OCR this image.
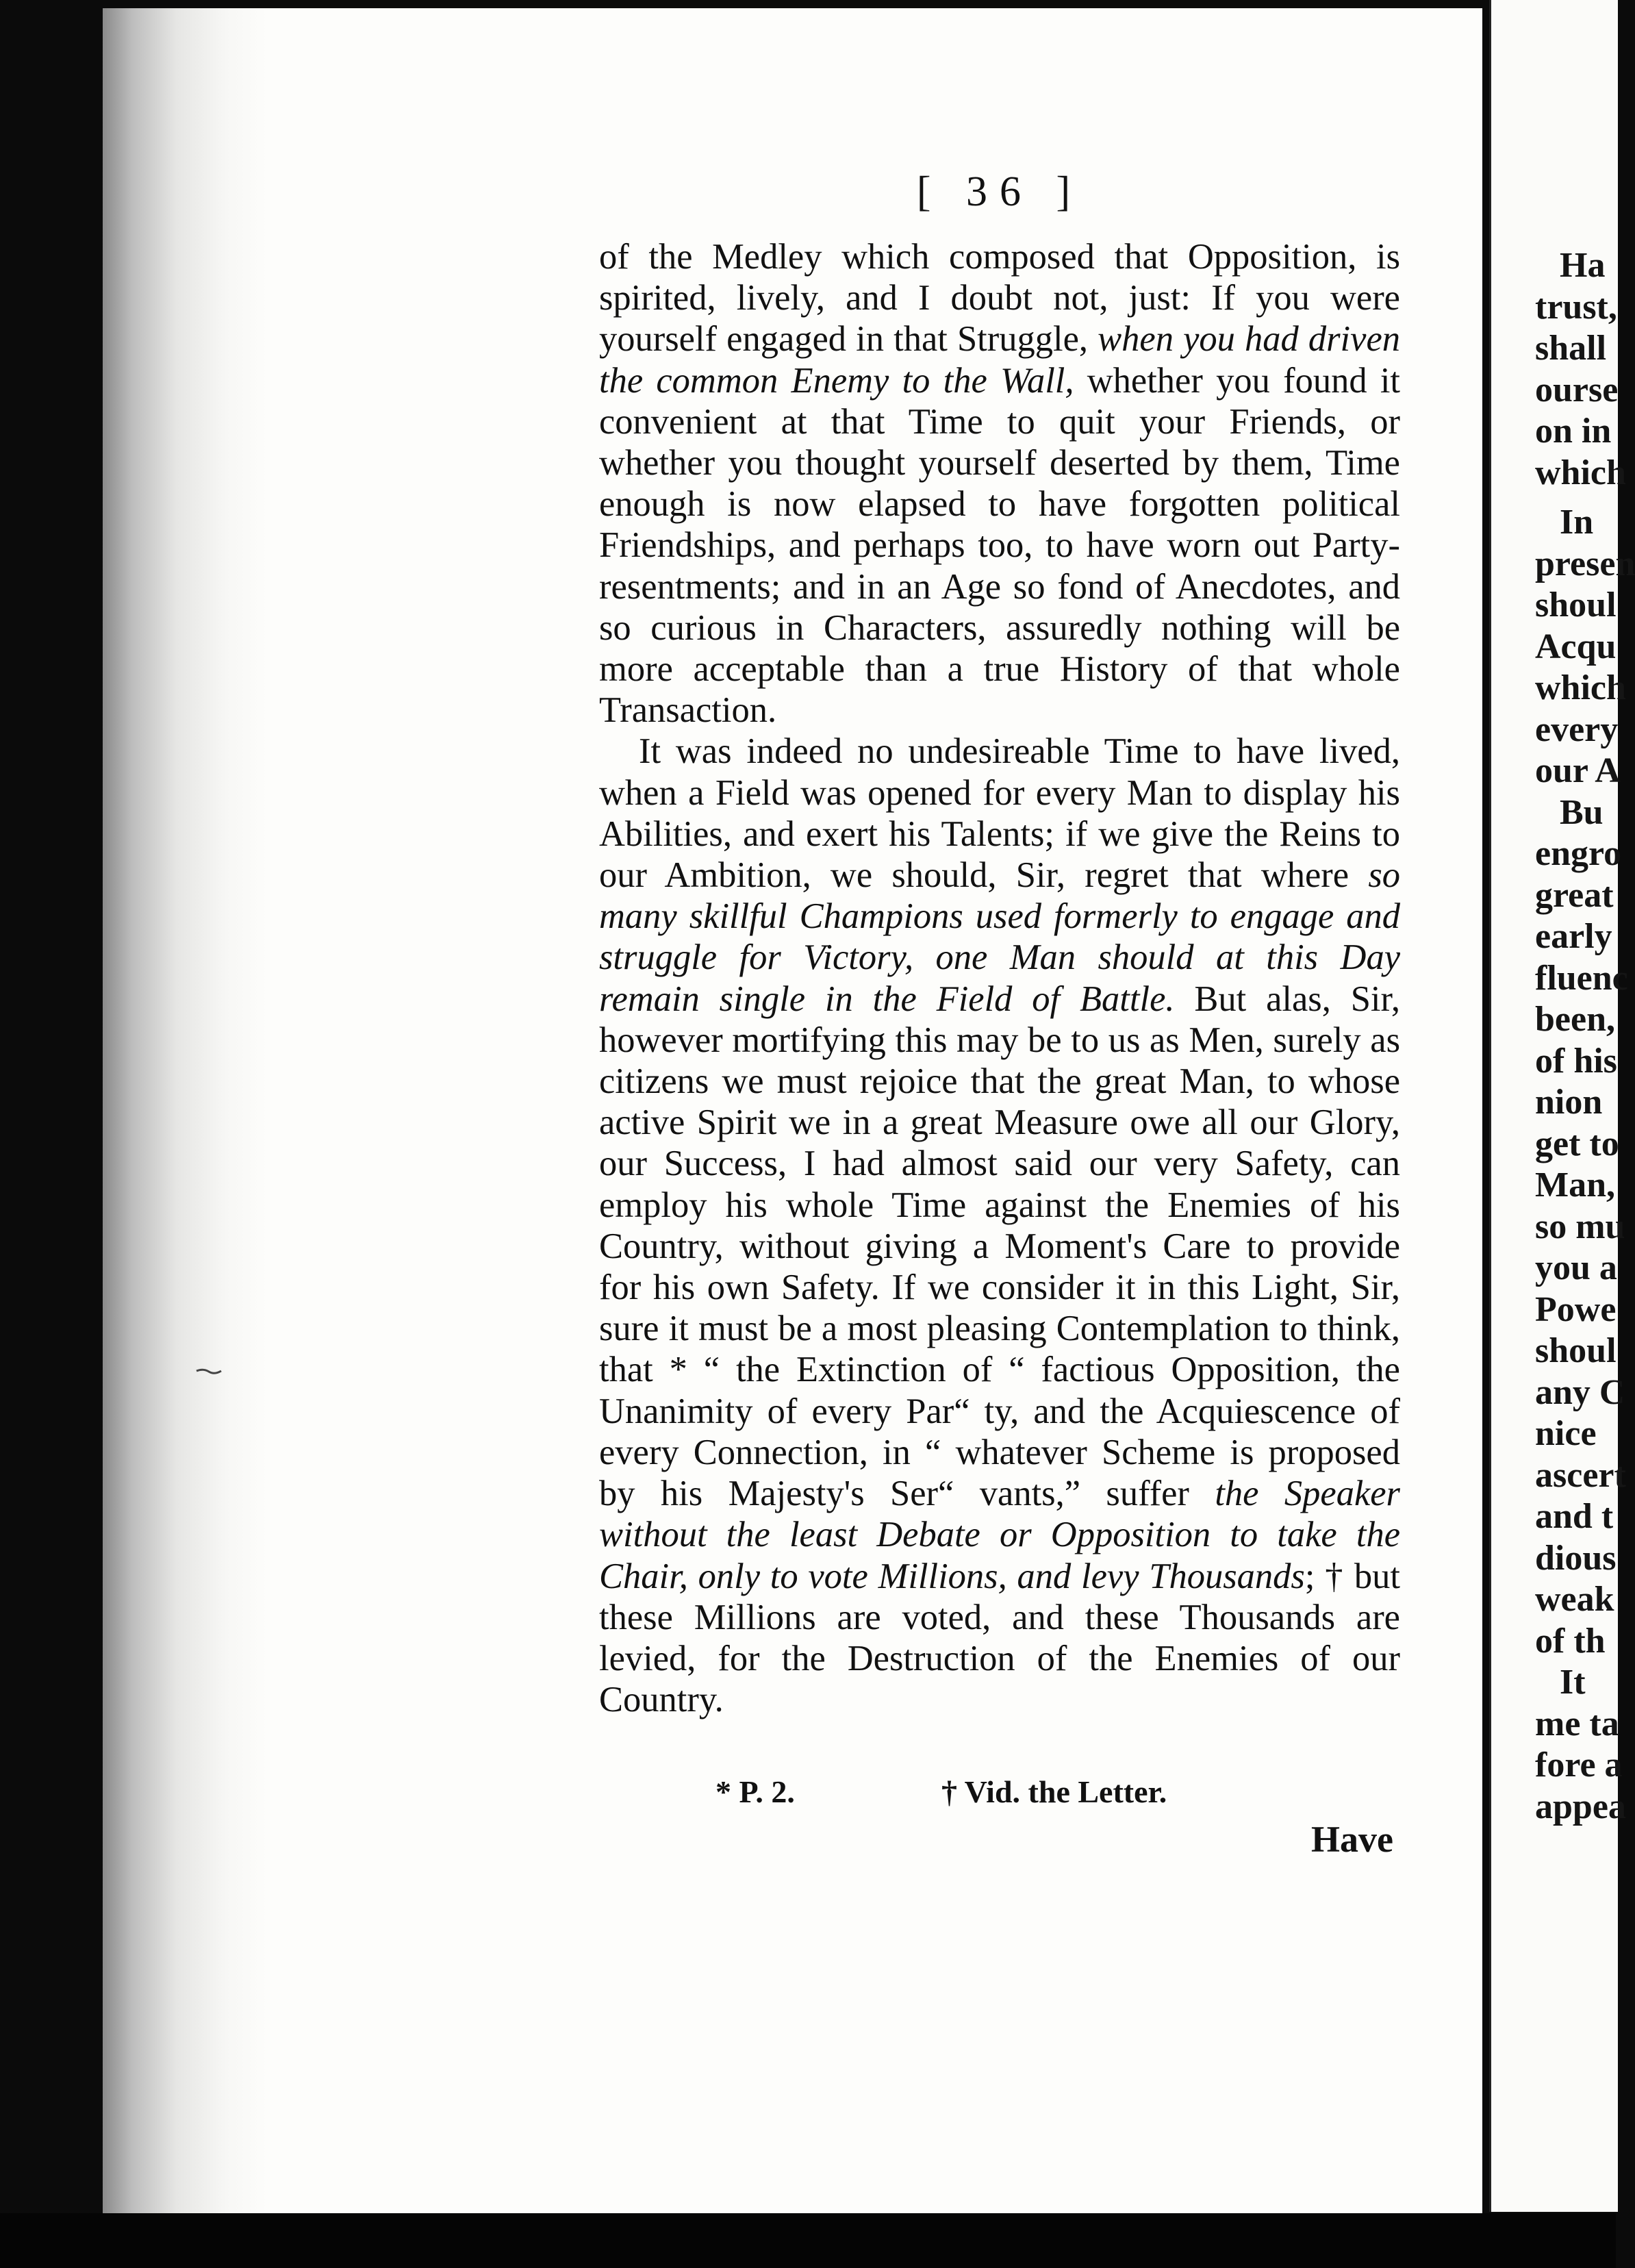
[ 36 ]

of the Medley which composed that Opposition, is spirited, lively, and I doubt not, just: If you were yourself engaged in that Struggle, when you had driven the common Enemy to the Wall, whether you found it convenient at that Time to quit your Friends, or whether you thought yourself deserted by them, Time enough is now elapsed to have forgotten political Friendships, and perhaps too, to have worn out Party-resentments; and in an Age so fond of Anecdotes, and so curious in Characters, assuredly nothing will be more acceptable than a true History of that whole Transaction.

It was indeed no undesireable Time to have lived, when a Field was opened for every Man to display his Abilities, and exert his Talents; if we give the Reins to our Ambition, we should, Sir, regret that where so many skillful Champions used formerly to engage and struggle for Victory, one Man should at this Day remain single in the Field of Battle. But alas, Sir, however mortifying this may be to us as Men, surely as citizens we must rejoice that the great Man, to whose active Spirit we in a great Measure owe all our Glory, our Success, I had almost said our very Safety, can employ his whole Time against the Enemies of his Country, without giving a Moment's Care to provide for his own Safety. If we consider it in this Light, Sir, sure it must be a most pleasing Contemplation to think, that * “ the Extinction of “ factious Opposition, the Unanimity of every Par“ ty, and the Acquiescence of every Connection, in “ whatever Scheme is proposed by his Majesty's Ser“ vants,” suffer the Speaker without the least Debate or Opposition to take the Chair, only to vote Millions, and levy Thousands; † but these Millions are voted, and these Thousands are levied, for the Destruction of the Enemies of our Country.

* P. 2.	† Vid. the Letter.
Have
Ha
trust,
shall
ourse
on in
which
In
presen
shoul
Acqu
which
every
our A
Bu
engro
great
early
fluenc
been,
of his
nion
get to
Man,
so mu
you a
Powe
shoul
any C
nice
ascert
and t
dious
weak
of th
It
me ta
fore a
appea
